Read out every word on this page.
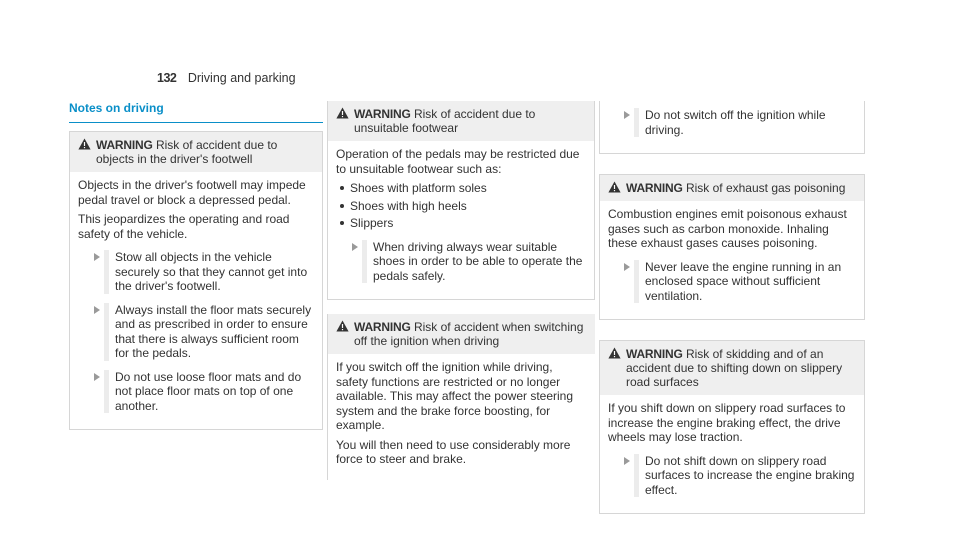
132 Driving and parking
Notes on driving
WARNING Risk of accident due to objects in the driver's footwell

Objects in the driver's footwell may impede pedal travel or block a depressed pedal.

This jeopardizes the operating and road safety of the vehicle.

Stow all objects in the vehicle securely so that they cannot get into the driver's footwell.
Always install the floor mats securely and as prescribed in order to ensure that there is always sufficient room for the pedals.
Do not use loose floor mats and do not place floor mats on top of one another.
WARNING Risk of accident due to unsuitable footwear

Operation of the pedals may be restricted due to unsuitable footwear such as:

Shoes with platform soles
Shoes with high heels
Slippers
When driving always wear suitable shoes in order to be able to operate the pedals safely.
WARNING Risk of accident when switching off the ignition when driving

If you switch off the ignition while driving, safety functions are restricted or no longer available. This may affect the power steering system and the brake force boosting, for example.

You will then need to use considerably more force to steer and brake.

Do not switch off the ignition while driving.
WARNING Risk of exhaust gas poisoning

Combustion engines emit poisonous exhaust gases such as carbon monoxide. Inhaling these exhaust gases causes poisoning.

Never leave the engine running in an enclosed space without sufficient ventilation.
WARNING Risk of skidding and of an accident due to shifting down on slippery road surfaces

If you shift down on slippery road surfaces to increase the engine braking effect, the drive wheels may lose traction.

Do not shift down on slippery road surfaces to increase the engine braking effect.
